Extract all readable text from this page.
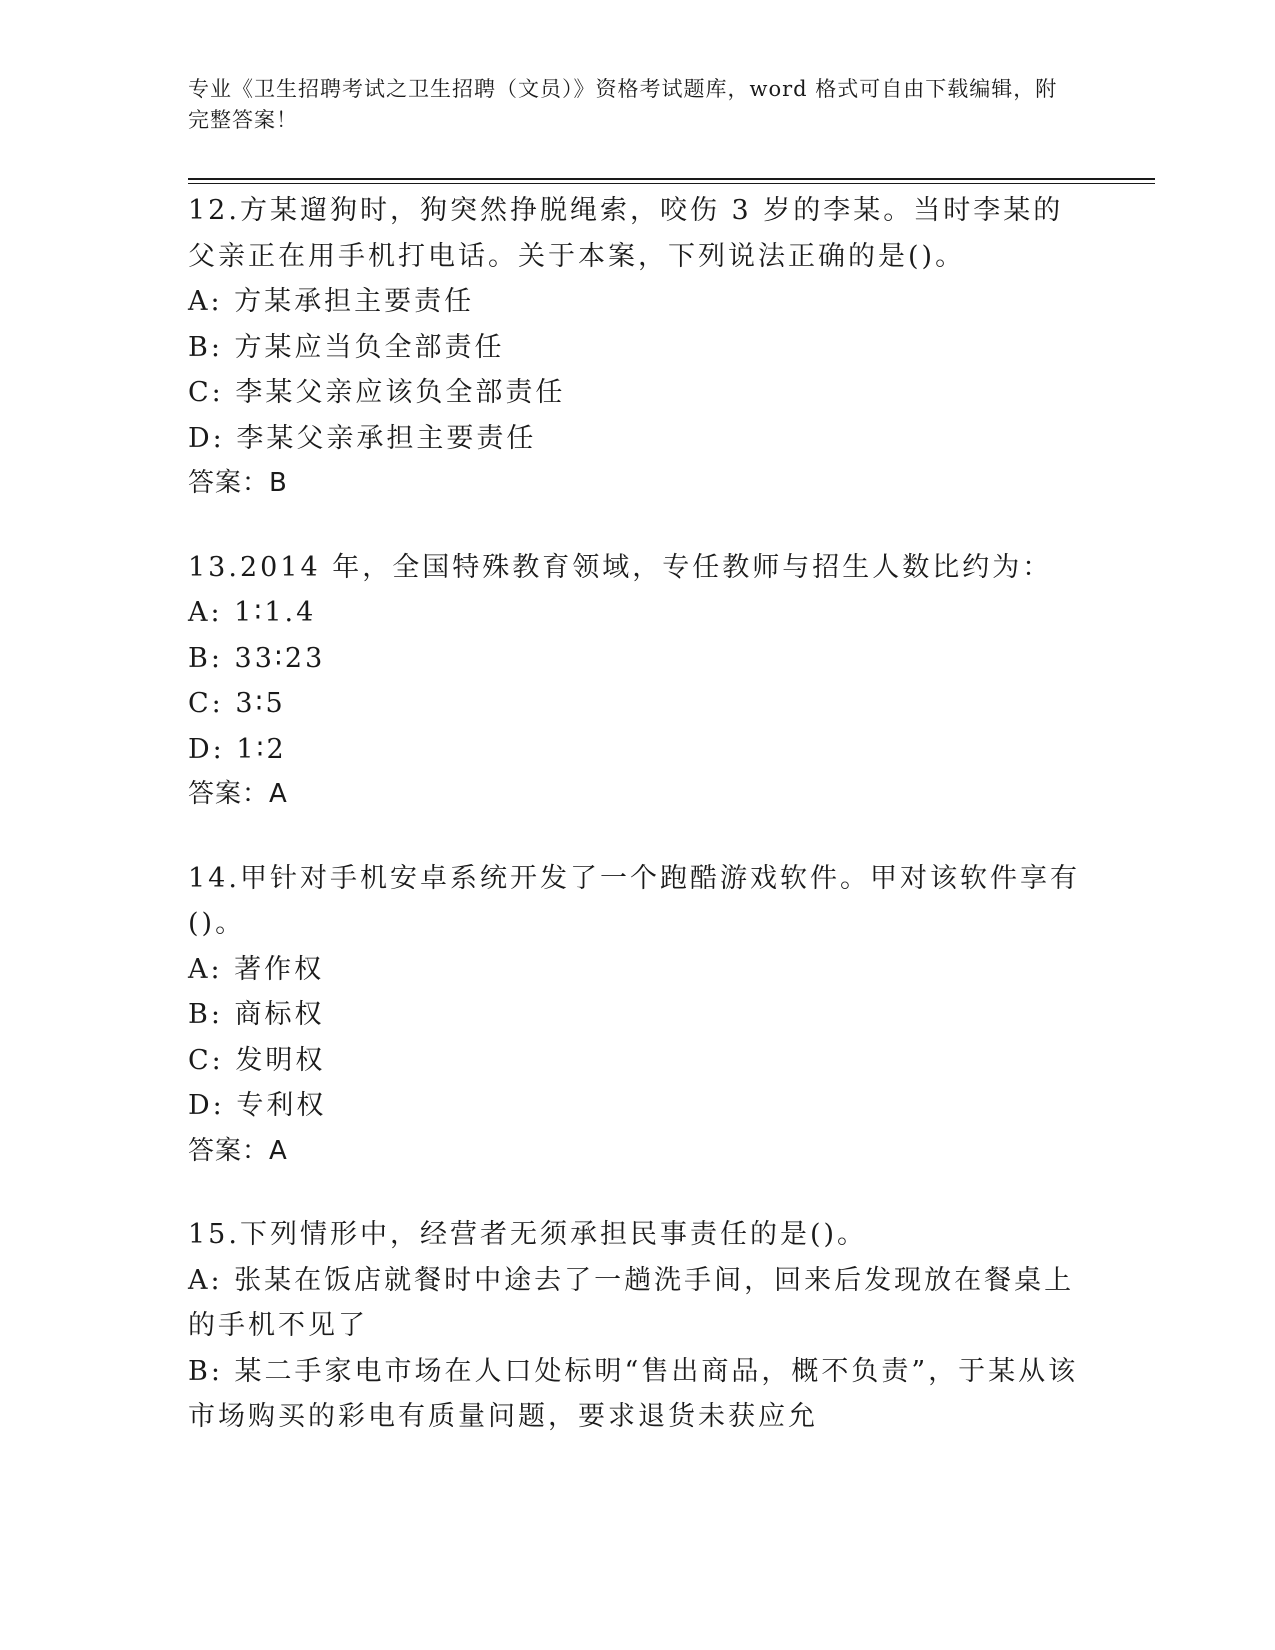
专业《卫生招聘考试之卫生招聘（文员）》资格考试题库，word 格式可自由下载编辑，附完整答案！
12.方某遛狗时，狗突然挣脱绳索，咬伤 3 岁的李某。当时李某的父亲正在用手机打电话。关于本案，下列说法正确的是()。
A: 方某承担主要责任
B: 方某应当负全部责任
C: 李某父亲应该负全部责任
D: 李某父亲承担主要责任
答案：B
13.2014 年，全国特殊教育领域，专任教师与招生人数比约为：
A: 1∶1.4
B: 33∶23
C: 3∶5
D: 1∶2
答案：A
14.甲针对手机安卓系统开发了一个跑酷游戏软件。甲对该软件享有()。
A: 著作权
B: 商标权
C: 发明权
D: 专利权
答案：A
15.下列情形中，经营者无须承担民事责任的是()。
A: 张某在饭店就餐时中途去了一趟洗手间，回来后发现放在餐桌上的手机不见了
B: 某二手家电市场在人口处标明“售出商品，概不负责”，于某从该市场购买的彩电有质量问题，要求退货未获应允
